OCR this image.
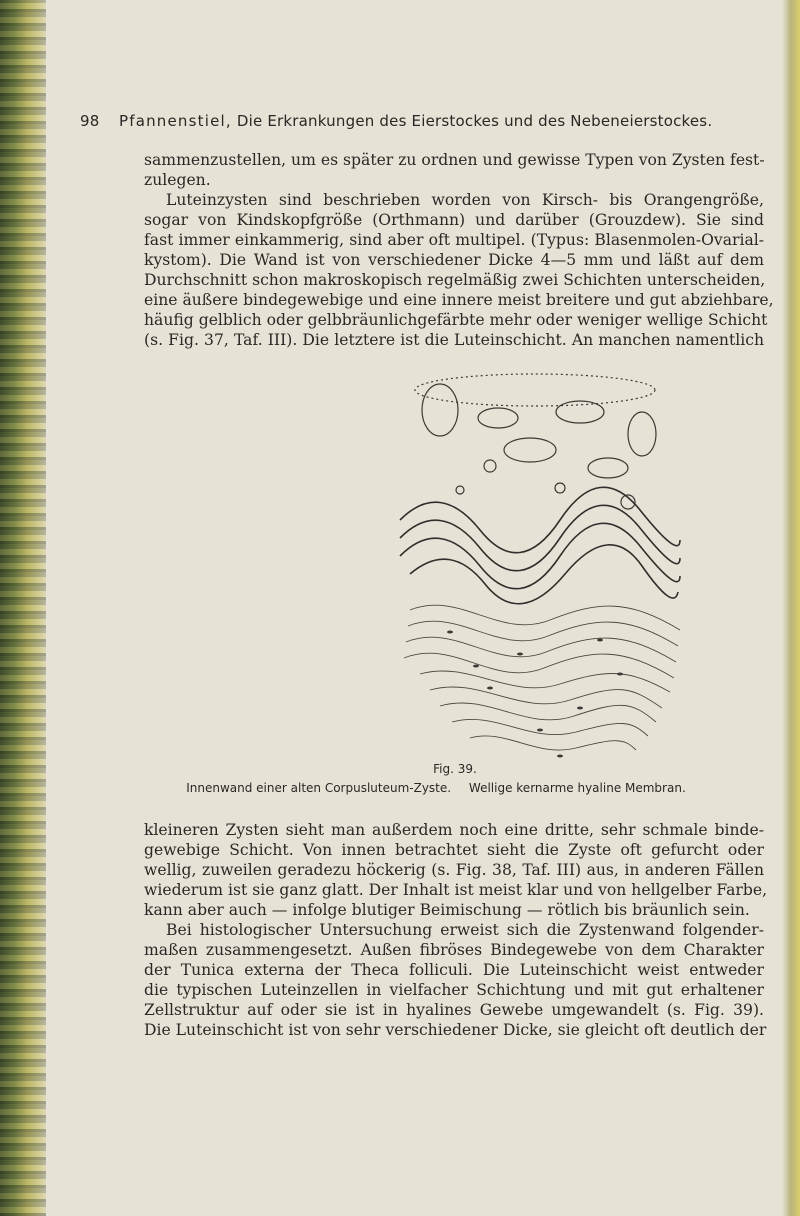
98 Pfannenstiel, Die Erkrankungen des Eierstockes und des Nebeneierstockes.
sammenzustellen, um es später zu ordnen und gewisse Typen von Zysten fest-
zulegen.
Luteinzysten sind beschrieben worden von Kirsch- bis Orangengröße,
sogar von Kindskopfgröße (Orthmann) und darüber (Grouzdew). Sie sind
fast immer einkammerig, sind aber oft multipel. (Typus: Blasenmolen-Ovarial-
kystom). Die Wand ist von verschiedener Dicke 4—5 mm und läßt auf dem
Durchschnitt schon makroskopisch regelmäßig zwei Schichten unterscheiden,
eine äußere bindegewebige und eine innere meist breitere und gut abziehbare,
häufig gelblich oder gelbbräunlichgefärbte mehr oder weniger wellige Schicht
(s. Fig. 37, Taf. III). Die letztere ist die Luteinschicht. An manchen namentlich
Fig. 39.
Innenwand einer alten Corpusluteum-Zyste. Wellige kernarme hyaline Membran.
kleineren Zysten sieht man außerdem noch eine dritte, sehr schmale binde-
gewebige Schicht. Von innen betrachtet sieht die Zyste oft gefurcht oder
wellig, zuweilen geradezu höckerig (s. Fig. 38, Taf. III) aus, in anderen Fällen
wiederum ist sie ganz glatt. Der Inhalt ist meist klar und von hellgelber Farbe,
kann aber auch — infolge blutiger Beimischung — rötlich bis bräunlich sein.
Bei histologischer Untersuchung erweist sich die Zystenwand folgender-
maßen zusammengesetzt. Außen fibröses Bindegewebe von dem Charakter
der Tunica externa der Theca folliculi. Die Luteinschicht weist entweder
die typischen Luteinzellen in vielfacher Schichtung und mit gut erhaltener
Zellstruktur auf oder sie ist in hyalines Gewebe umgewandelt (s. Fig. 39).
Die Luteinschicht ist von sehr verschiedener Dicke, sie gleicht oft deutlich der
